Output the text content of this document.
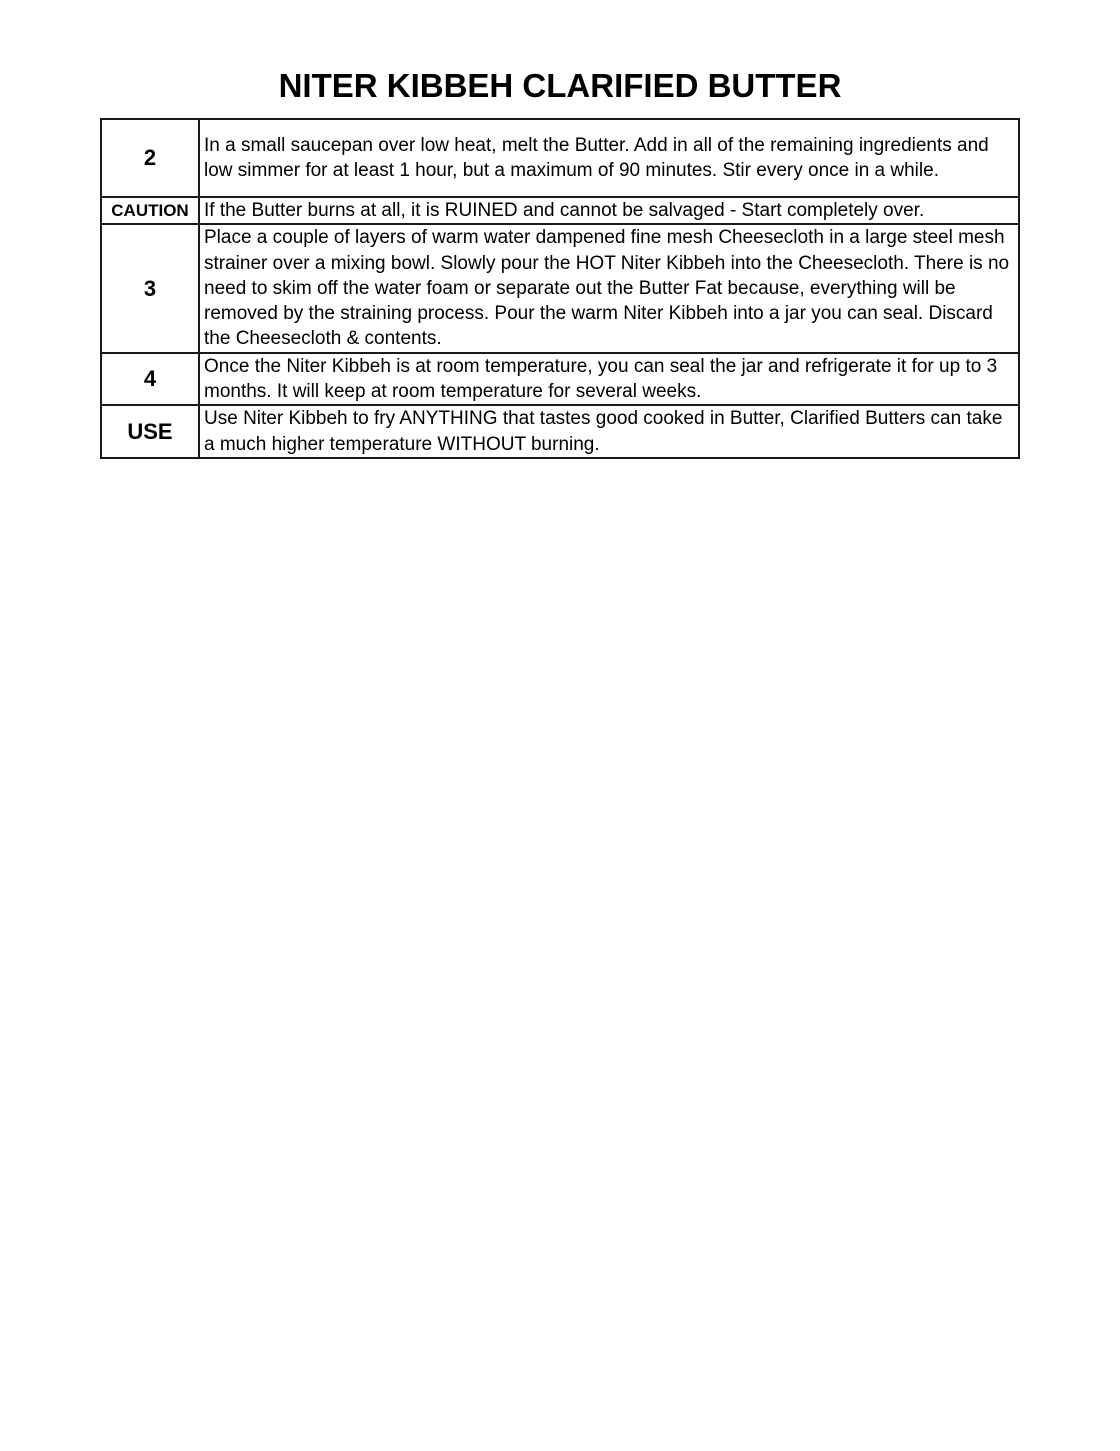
NITER KIBBEH CLARIFIED BUTTER
2	In a small saucepan over low heat, melt the Butter. Add in all of the remaining ingredients and low simmer for at least 1 hour, but a maximum of 90 minutes. Stir every once in a while.
CAUTION	If the Butter burns at all, it is RUINED and cannot be salvaged - Start completely over.
3	Place a couple of layers of warm water dampened fine mesh Cheesecloth in a large steel mesh strainer over a mixing bowl. Slowly pour the HOT Niter Kibbeh into the Cheesecloth. There is no need to skim off the water foam or separate out the Butter Fat because, everything will be removed by the straining process. Pour the warm Niter Kibbeh into a jar you can seal. Discard the Cheesecloth & contents.
4	Once the Niter Kibbeh is at room temperature, you can seal the jar and refrigerate it for up to 3 months. It will keep at room temperature for several weeks.
USE	Use Niter Kibbeh to fry ANYTHING that tastes good cooked in Butter, Clarified Butters can take a much higher temperature WITHOUT burning.
